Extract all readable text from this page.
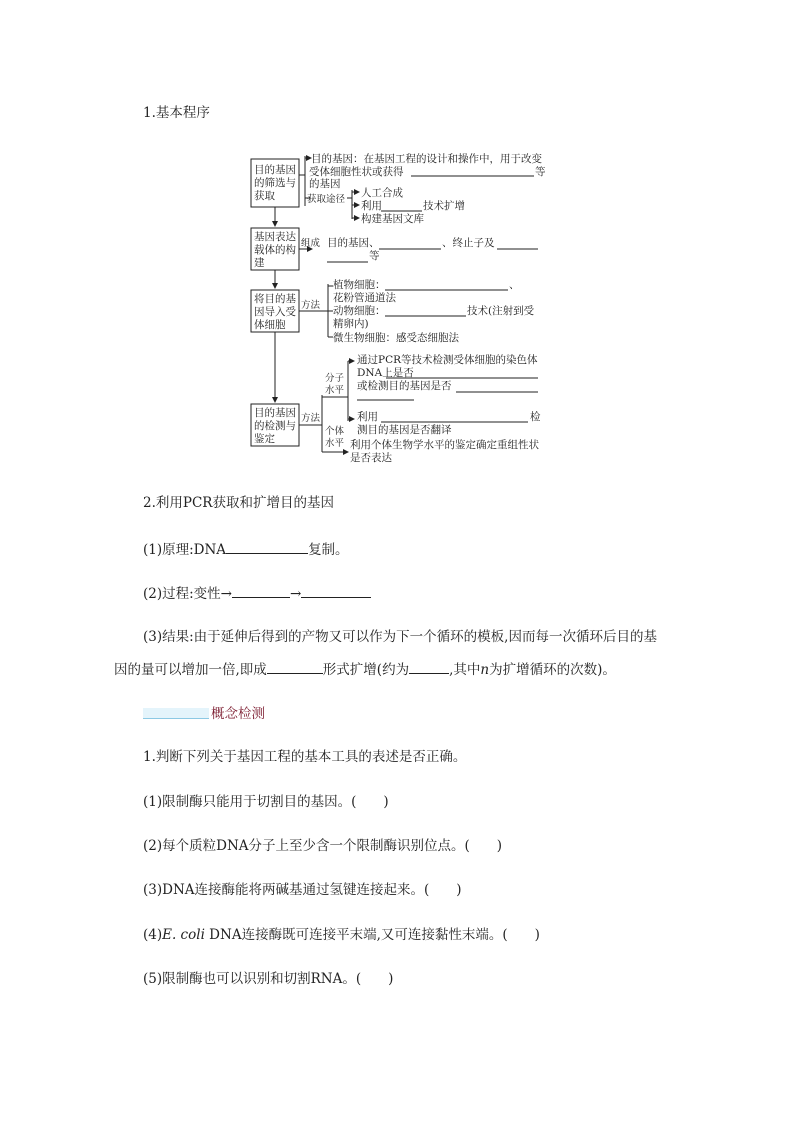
1.基本程序
目的基因
的筛选与
获取
基因表达
载体的构
建
将目的基
因导入受
体细胞
目的基因
的检测与
鉴定
目的基因：在基因工程的设计和操作中，用于改变
受体细胞性状或获得	等
的基因
获取途径
人工合成
利用	技术扩增
构建基因文库
组成 目的基因、	、终止子及
等
方法
植物细胞：	、
花粉管通道法
动物细胞：	技术(注射到受
精卵内)
微生物细胞：感受态细胞法
方法
分子
水平
个体
水平
通过PCR等技术检测受体细胞的染色体
DNA上是否
或检测目的基因是否
利用	检
测目的基因是否翻译
利用个体生物学水平的鉴定确定重组性状
是否表达
2.利用PCR获取和扩增目的基因
(1)原理:DNA	复制。
(2)过程:变性→	→
(3)结果:由于延伸后得到的产物又可以作为下一个循环的模板,因而每一次循环后目的基
因的量可以增加一倍,即成	形式扩增(约为	,其中n为扩增循环的次数)。
概念检测
1.判断下列关于基因工程的基本工具的表述是否正确。
(1)限制酶只能用于切割目的基因。(　　)
(2)每个质粒DNA分子上至少含一个限制酶识别位点。(　　)
(3)DNA连接酶能将两碱基通过氢键连接起来。(　　)
(4)E. coli DNA连接酶既可连接平末端,又可连接黏性末端。(　　)
(5)限制酶也可以识别和切割RNA。(　　)
